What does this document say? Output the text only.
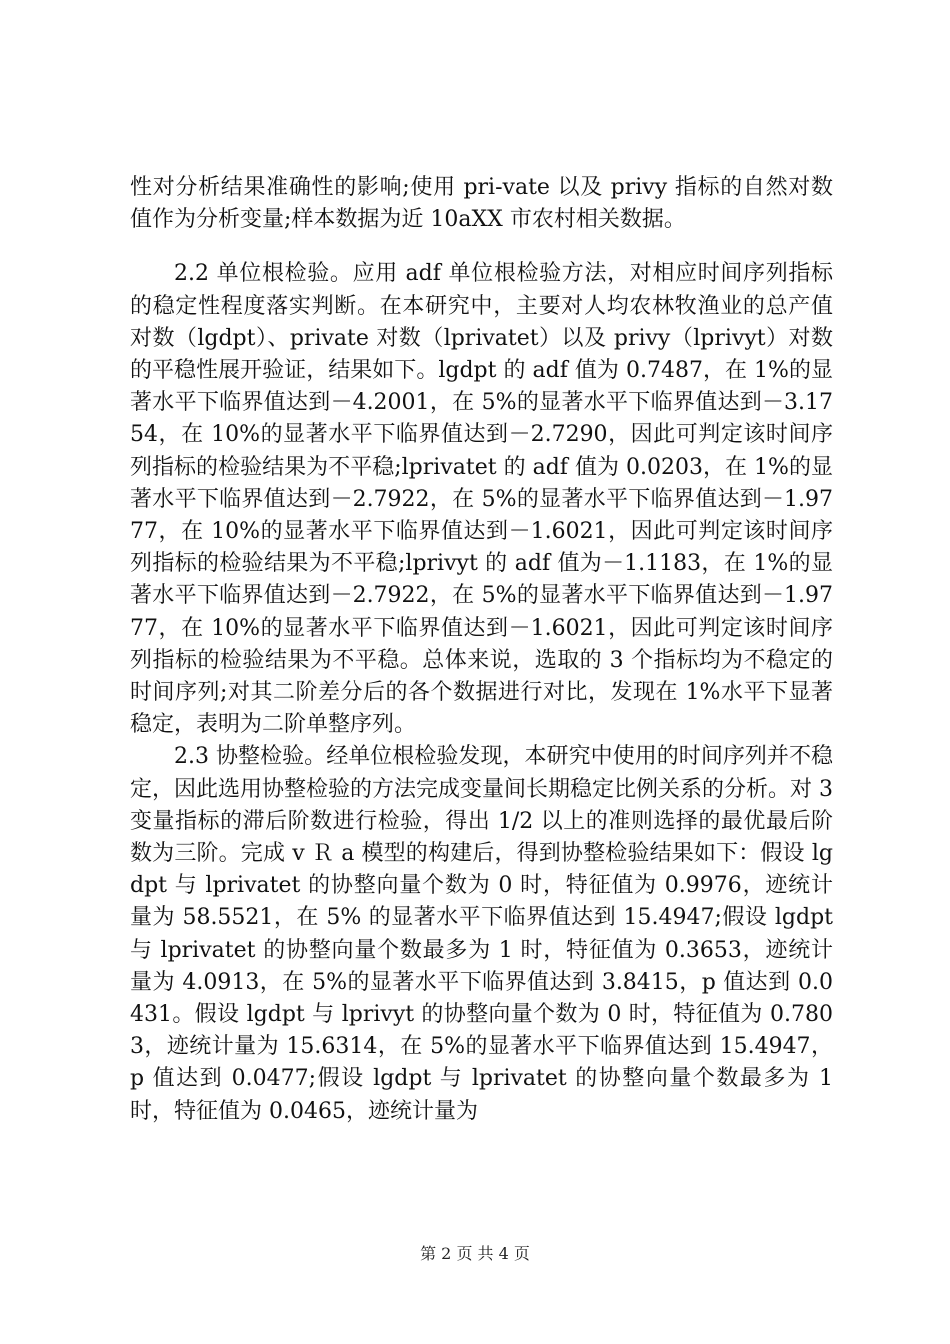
性对分析结果准确性的影响;使用 pri-vate 以及 privy 指标的自然对数值作为分析变量;样本数据为近 10aXX 市农村相关数据。

2.2 单位根检验。应用 adf 单位根检验方法，对相应时间序列指标的稳定性程度落实判断。在本研究中，主要对人均农林牧渔业的总产值对数（lgdpt）、private 对数（lprivatet）以及 privy（lprivyt）对数的平稳性展开验证，结果如下。lgdpt 的 adf 值为 0.7487，在 1%的显著水平下临界值达到－4.2001，在 5%的显著水平下临界值达到－3.1754，在 10%的显著水平下临界值达到－2.7290，因此可判定该时间序列指标的检验结果为不平稳;lprivatet 的 adf 值为 0.0203，在 1%的显著水平下临界值达到－2.7922，在 5%的显著水平下临界值达到－1.9777，在 10%的显著水平下临界值达到－1.6021，因此可判定该时间序列指标的检验结果为不平稳;lprivyt 的 adf 值为－1.1183，在 1%的显著水平下临界值达到－2.7922，在 5%的显著水平下临界值达到－1.9777，在 10%的显著水平下临界值达到－1.6021，因此可判定该时间序列指标的检验结果为不平稳。总体来说，选取的 3 个指标均为不稳定的时间序列;对其二阶差分后的各个数据进行对比，发现在 1%水平下显著稳定，表明为二阶单整序列。

2.3 协整检验。经单位根检验发现，本研究中使用的时间序列并不稳定，因此选用协整检验的方法完成变量间长期稳定比例关系的分析。对 3 变量指标的滞后阶数进行检验，得出 1/2 以上的准则选择的最优最后阶数为三阶。完成 v Ｒ a 模型的构建后，得到协整检验结果如下：假设 lgdpt 与 lprivatet 的协整向量个数为 0 时，特征值为 0.9976，迹统计量为 58.5521，在 5% 的显著水平下临界值达到 15.4947;假设 lgdpt 与 lprivatet 的协整向量个数最多为 1 时，特征值为 0.3653，迹统计量为 4.0913，在 5%的显著水平下临界值达到 3.8415，p 值达到 0.0431。假设 lgdpt 与 lprivyt 的协整向量个数为 0 时，特征值为 0.7803，迹统计量为 15.6314，在 5%的显著水平下临界值达到 15.4947，p 值达到 0.0477;假设 lgdpt 与 lprivatet 的协整向量个数最多为 1 时，特征值为 0.0465，迹统计量为

第 2 页 共 4 页
